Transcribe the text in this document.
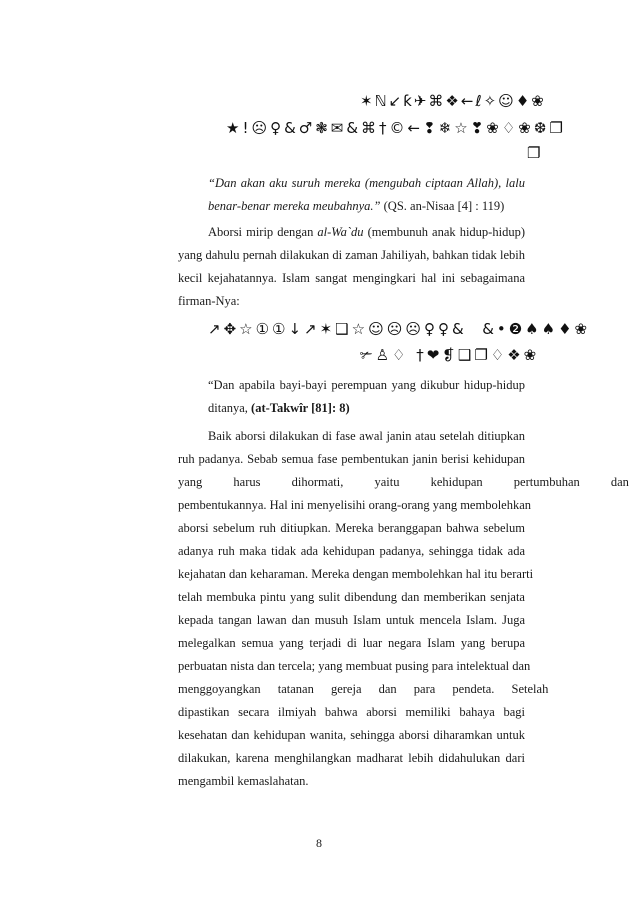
✶ℕ↙ƙ✈⌘❖←ℓ✧☺♦❀
★!☹♀&♂❃✉&⌘†©←❢❄☆❣❀♢❀❆❐
❐
“Dan akan aku suruh mereka (mengubah ciptaan Allah), lalu
benar-benar mereka meubahnya.” (QS. an-Nisaa [4] : 119)
Aborsi mirip dengan al-Wa`du (membunuh anak hidup-hidup)
yang dahulu pernah dilakukan di zaman Jahiliyah, bahkan tidak lebih
kecil kejahatannya. Islam sangat mengingkari hal ini sebagaimana
firman-Nya:
↗✥☆①①↓↗✶❑☆☺☹☹♀♀&  &•❷♠♠♦❀
✃♙♢ †❤❡❑❐♢❖❀
“Dan apabila bayi-bayi perempuan yang dikubur hidup-hidup
ditanya, (at-Takwîr [81]: 8)
Baik aborsi dilakukan di fase awal janin atau setelah ditiupkan
ruh padanya. Sebab semua fase pembentukan janin berisi kehidupan
yang harus dihormati, yaitu kehidupan pertumbuhan dan
pembentukannya. Hal ini menyelisihi orang-orang yang membolehkan
aborsi sebelum ruh ditiupkan. Mereka beranggapan bahwa sebelum
adanya ruh maka tidak ada kehidupan padanya, sehingga tidak ada
kejahatan dan keharaman. Mereka dengan membolehkan hal itu berarti
telah membuka pintu yang sulit dibendung dan memberikan senjata
kepada tangan lawan dan musuh Islam untuk mencela Islam. Juga
melegalkan semua yang terjadi di luar negara Islam yang berupa
perbuatan nista dan tercela; yang membuat pusing para intelektual dan
menggoyangkan tatanan gereja dan para pendeta. Setelah
dipastikan secara ilmiyah bahwa aborsi memiliki bahaya bagi
kesehatan dan kehidupan wanita, sehingga aborsi diharamkan untuk
dilakukan, karena menghilangkan madharat lebih didahulukan dari
mengambil kemaslahatan.
8
